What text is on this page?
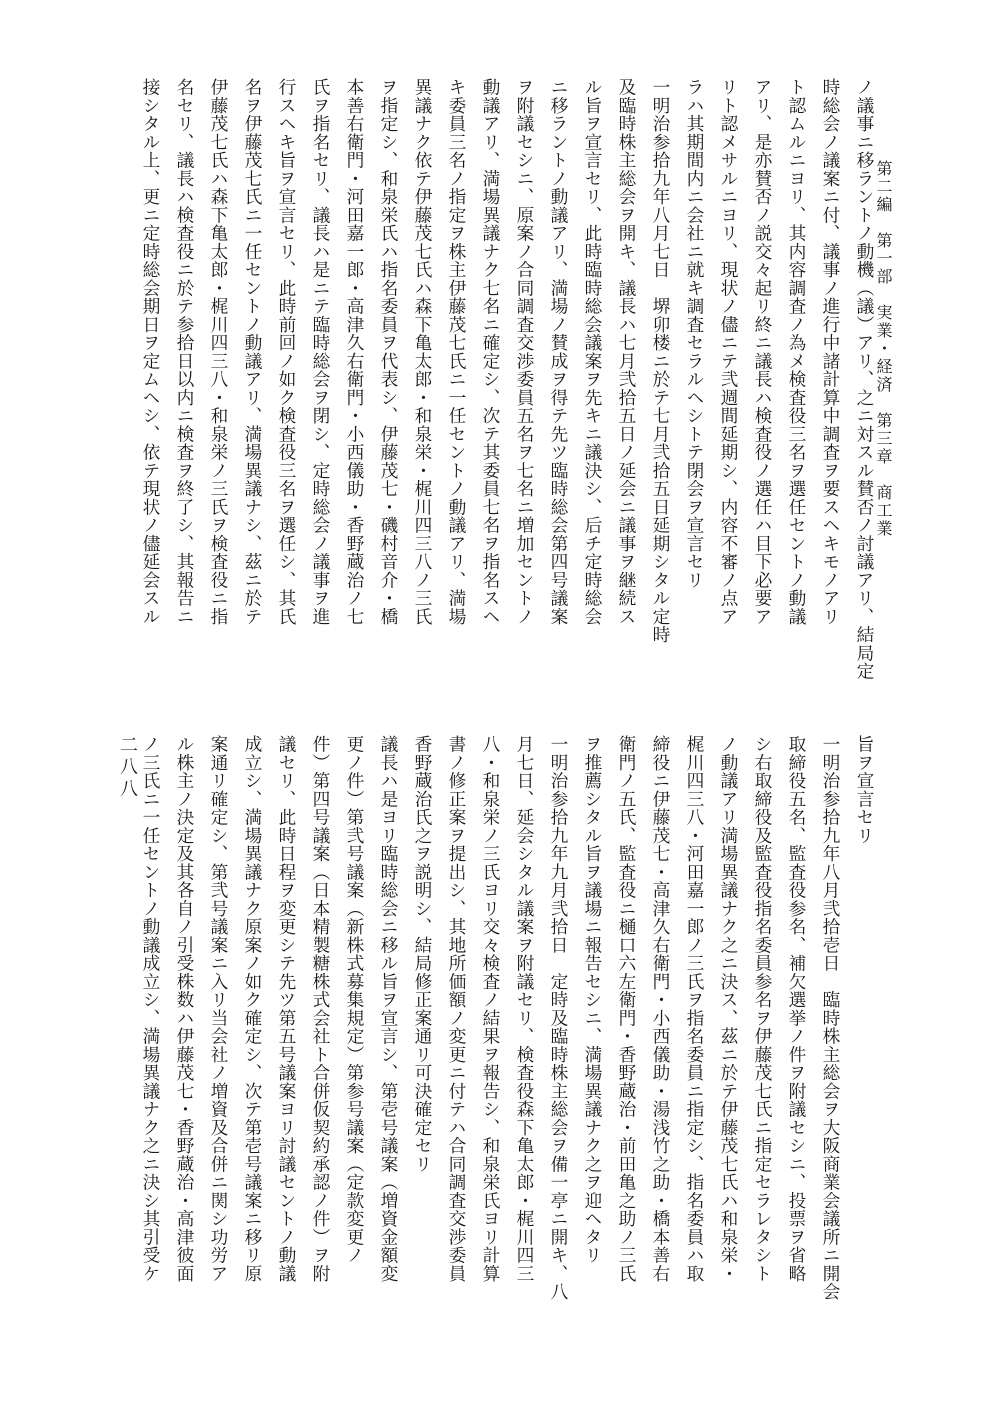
第二編　第一部　実業・経済　第三章　商工業
二八八
ノ議事ニ移ラントノ動機（議）アリ、之ニ対スル賛否ノ討議アリ、結局定
時総会ノ議案ニ付、議事ノ進行中諸計算中調査ヲ要スヘキモノアリ
ト認ムルニヨリ、其内容調査ノ為メ検査役三名ヲ選任セントノ動議
アリ、是亦賛否ノ説交々起リ終ニ議長ハ検査役ノ選任ハ目下必要ア
リト認メサルニヨリ、現状ノ儘ニテ弐週間延期シ、内容不審ノ点ア
ラハ其期間内ニ会社ニ就キ調査セラルヘシトテ閉会ヲ宣言セリ
一明治参拾九年八月七日　堺卯楼ニ於テ七月弐拾五日延期シタル定時
及臨時株主総会ヲ開キ、議長ハ七月弐拾五日ノ延会ニ議事ヲ継続ス
ル旨ヲ宣言セリ、此時臨時総会議案ヲ先キニ議決シ、后チ定時総会
ニ移ラントノ動議アリ、満場ノ賛成ヲ得テ先ツ臨時総会第四号議案
ヲ附議セシニ、原案ノ合同調査交渉委員五名ヲ七名ニ増加セントノ
動議アリ、満場異議ナク七名ニ確定シ、次テ其委員七名ヲ指名スヘ
キ委員三名ノ指定ヲ株主伊藤茂七氏ニ一任セントノ動議アリ、満場
異議ナク依テ伊藤茂七氏ハ森下亀太郎・和泉栄・梶川四三八ノ三氏
ヲ指定シ、和泉栄氏ハ指名委員ヲ代表シ、伊藤茂七・磯村音介・橋
本善右衛門・河田嘉一郎・高津久右衛門・小西儀助・香野蔵治ノ七
氏ヲ指名セリ、議長ハ是ニテ臨時総会ヲ閉シ、定時総会ノ議事ヲ進
行スヘキ旨ヲ宣言セリ、此時前回ノ如ク検査役三名ヲ選任シ、其氏
名ヲ伊藤茂七氏ニ一任セントノ動議アリ、満場異議ナシ、茲ニ於テ
伊藤茂七氏ハ森下亀太郎・梶川四三八・和泉栄ノ三氏ヲ検査役ニ指
名セリ、議長ハ検査役ニ於テ参拾日以内ニ検査ヲ終了シ、其報告ニ
接シタル上、更ニ定時総会期日ヲ定ムヘシ、依テ現状ノ儘延会スル
旨ヲ宣言セリ
一明治参拾九年八月弐拾壱日　臨時株主総会ヲ大阪商業会議所ニ開会
取締役五名、監査役参名、補欠選挙ノ件ヲ附議セシニ、投票ヲ省略
シ右取締役及監査役指名委員参名ヲ伊藤茂七氏ニ指定セラレタシト
ノ動議アリ満場異議ナク之ニ決ス、茲ニ於テ伊藤茂七氏ハ和泉栄・
梶川四三八・河田嘉一郎ノ三氏ヲ指名委員ニ指定シ、指名委員ハ取
締役ニ伊藤茂七・高津久右衛門・小西儀助・湯浅竹之助・橋本善右
衛門ノ五氏、監査役ニ樋口六左衛門・香野蔵治・前田亀之助ノ三氏
ヲ推薦シタル旨ヲ議場ニ報告セシニ、満場異議ナク之ヲ迎ヘタリ
一明治参拾九年九月弐拾日　定時及臨時株主総会ヲ備一亭ニ開キ、八
月七日、延会シタル議案ヲ附議セリ、検査役森下亀太郎・梶川四三
八・和泉栄ノ三氏ヨリ交々検査ノ結果ヲ報告シ、和泉栄氏ヨリ計算
書ノ修正案ヲ提出シ、其地所価額ノ変更ニ付テハ合同調査交渉委員
香野蔵治氏之ヲ説明シ、結局修正案通リ可決確定セリ
議長ハ是ヨリ臨時総会ニ移ル旨ヲ宣言シ、第壱号議案（増資金額変
更ノ件）第弐号議案（新株式募集規定）第参号議案（定款変更ノ
件）第四号議案（日本精製糖株式会社ト合併仮契約承認ノ件）ヲ附
議セリ、此時日程ヲ変更シテ先ツ第五号議案ヨリ討議セントノ動議
成立シ、満場異議ナク原案ノ如ク確定シ、次テ第壱号議案ニ移リ原
案通リ確定シ、第弐号議案ニ入リ当会社ノ増資及合併ニ関シ功労ア
ル株主ノ決定及其各自ノ引受株数ハ伊藤茂七・香野蔵治・高津彼面
ノ三氏ニ一任セントノ動議成立シ、満場異議ナク之ニ決シ其引受ケ
